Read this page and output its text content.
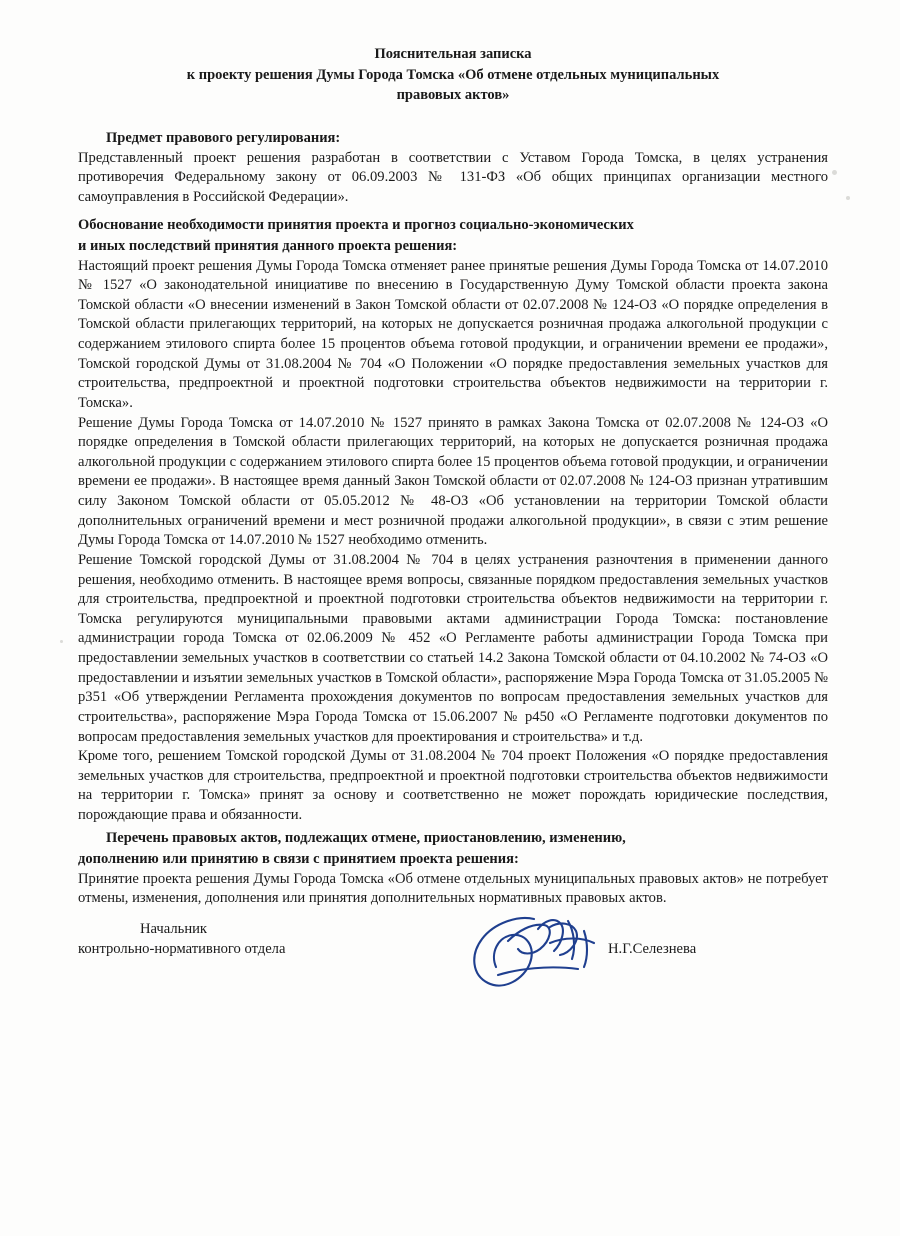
Пояснительная записка
к проекту решения Думы Города Томска «Об отмене отдельных муниципальных
правовых актов»
Предмет правового регулирования:

Представленный проект решения разработан в соответствии с Уставом Города Томска, в целях устранения противоречия Федеральному закону от 06.09.2003 № 131-ФЗ «Об общих принципах организации местного самоуправления в Российской Федерации».

Обоснование необходимости принятия проекта и прогноз социально-экономических
и иных последствий принятия данного проекта решения:

Настоящий проект решения Думы Города Томска отменяет ранее принятые решения Думы Города Томска от 14.07.2010 № 1527 «О законодательной инициативе по внесению в Государственную Думу Томской области проекта закона Томской области «О внесении изменений в Закон Томской области от 02.07.2008 № 124-ОЗ «О порядке определения в Томской области прилегающих территорий, на которых не допускается розничная продажа алкогольной продукции с содержанием этилового спирта более 15 процентов объема готовой продукции, и ограничении времени ее продажи», Томской городской Думы от 31.08.2004 № 704 «О Положении «О порядке предоставления земельных участков для строительства, предпроектной и проектной подготовки строительства объектов недвижимости на территории г. Томска».

Решение Думы Города Томска от 14.07.2010 № 1527 принято в рамках Закона Томска от 02.07.2008 № 124-ОЗ «О порядке определения в Томской области прилегающих территорий, на которых не допускается розничная продажа алкогольной продукции с содержанием этилового спирта более 15 процентов объема готовой продукции, и ограничении времени ее продажи». В настоящее время данный Закон Томской области от 02.07.2008 № 124-ОЗ признан утратившим силу Законом Томской области от 05.05.2012 № 48-ОЗ «Об установлении на территории Томской области дополнительных ограничений времени и мест розничной продажи алкогольной продукции», в связи с этим решение Думы Города Томска от 14.07.2010 № 1527 необходимо отменить.

Решение Томской городской Думы от 31.08.2004 № 704 в целях устранения разночтения в применении данного решения, необходимо отменить. В настоящее время вопросы, связанные порядком предоставления земельных участков для строительства, предпроектной и проектной подготовки строительства объектов недвижимости на территории г. Томска регулируются муниципальными правовыми актами администрации Города Томска: постановление администрации города Томска от 02.06.2009 № 452 «О Регламенте работы администрации Города Томска при предоставлении земельных участков в соответствии со статьей 14.2 Закона Томской области от 04.10.2002 № 74-ОЗ «О предоставлении и изъятии земельных участков в Томской области», распоряжение Мэра Города Томска от 31.05.2005 № р351 «Об утверждении Регламента прохождения документов по вопросам предоставления земельных участков для строительства», распоряжение Мэра Города Томска от 15.06.2007 № р450 «О Регламенте подготовки документов по вопросам предоставления земельных участков для проектирования и строительства» и т.д.

Кроме того, решением Томской городской Думы от 31.08.2004 № 704 проект Положения «О порядке предоставления земельных участков для строительства, предпроектной и проектной подготовки строительства объектов недвижимости на территории г. Томска» принят за основу и соответственно не может порождать юридические последствия, порождающие права и обязанности.

Перечень правовых актов, подлежащих отмене, приостановлению, изменению,
дополнению или принятию в связи с принятием проекта решения:

Принятие проекта решения Думы Города Томска «Об отмене отдельных муниципальных правовых актов» не потребует отмены, изменения, дополнения или принятия дополнительных нормативных правовых актов.

Начальник
контрольно-нормативного отдела	Н.Г.Селезнева
